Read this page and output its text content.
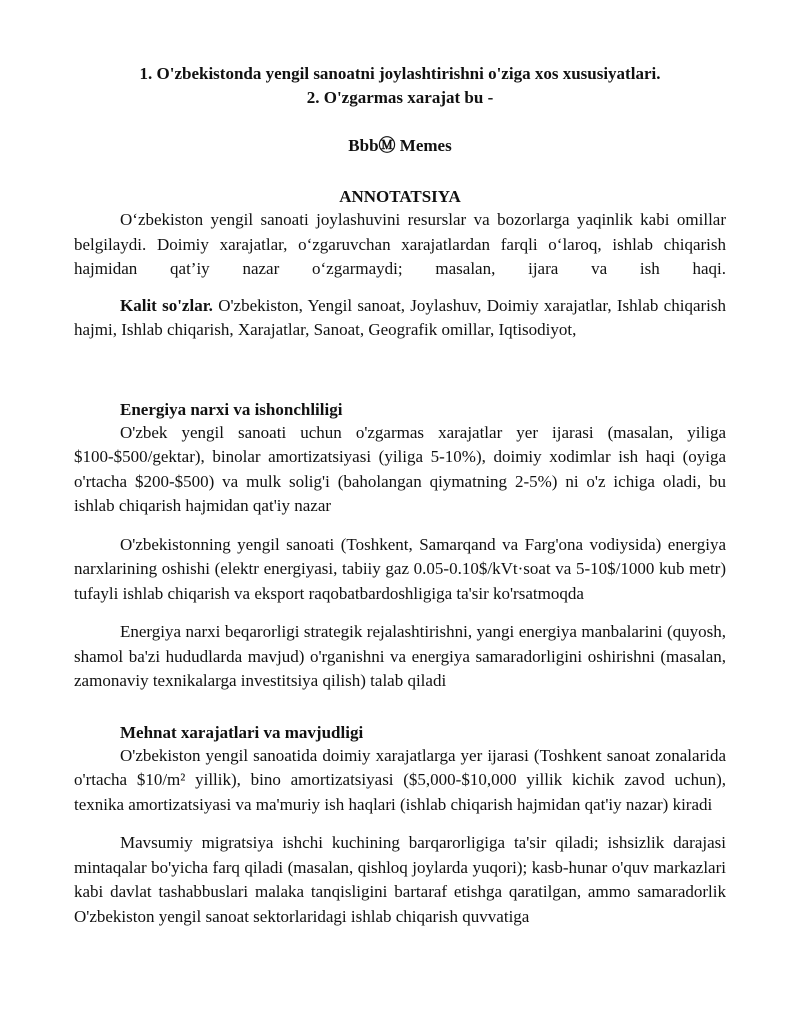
1. O'zbekistonda yengil sanoatni joylashtirishni o'ziga xos xususiyatlari.

2. O'zgarmas xarajat bu -

BbbⓂ Memes

ANNOTATSIYA

O‘zbekiston yengil sanoati joylashuvini resurslar va bozorlarga yaqinlik kabi omillar belgilaydi. Doimiy xarajatlar, o‘zgaruvchan xarajatlardan farqli o‘laroq, ishlab chiqarish hajmidan qat’iy nazar o‘zgarmaydi; masalan, ijara va ish haqi.

Kalit so'zlar. O'zbekiston, Yengil sanoat, Joylashuv, Doimiy xarajatlar, Ishlab chiqarish hajmi, Ishlab chiqarish, Xarajatlar, Sanoat, Geografik omillar, Iqtisodiyot,

Energiya narxi va ishonchliligi

O'zbek yengil sanoati uchun o'zgarmas xarajatlar yer ijarasi (masalan, yiliga $100-$500/gektar), binolar amortizatsiyasi (yiliga 5-10%), doimiy xodimlar ish haqi (oyiga o'rtacha $200-$500) va mulk solig'i (baholangan qiymatning 2-5%) ni o'z ichiga oladi, bu ishlab chiqarish hajmidan qat'iy nazar

O'zbekistonning yengil sanoati (Toshkent, Samarqand va Farg'ona vodiysida) energiya narxlarining oshishi (elektr energiyasi, tabiiy gaz 0.05-0.10$/kVt·soat va 5-10$/1000 kub metr) tufayli ishlab chiqarish va eksport raqobatbardoshligiga ta'sir ko'rsatmoqda

Energiya narxi beqarorligi strategik rejalashtirishni, yangi energiya manbalarini (quyosh, shamol ba'zi hududlarda mavjud) o'rganishni va energiya samaradorligini oshirishni (masalan, zamonaviy texnikalarga investitsiya qilish) talab qiladi

Mehnat xarajatlari va mavjudligi

O'zbekiston yengil sanoatida doimiy xarajatlarga yer ijarasi (Toshkent sanoat zonalarida o'rtacha $10/m² yillik), bino amortizatsiyasi ($5,000-$10,000 yillik kichik zavod uchun), texnika amortizatsiyasi va ma'muriy ish haqlari (ishlab chiqarish hajmidan qat'iy nazar) kiradi

Mavsumiy migratsiya ishchi kuchining barqarorligiga ta'sir qiladi; ishsizlik darajasi mintaqalar bo'yicha farq qiladi (masalan, qishloq joylarda yuqori); kasb-hunar o'quv markazlari kabi davlat tashabbuslari malaka tanqisligini bartaraf etishga qaratilgan, ammo samaradorlik O'zbekiston yengil sanoat sektorlaridagi ishlab chiqarish quvvatiga
